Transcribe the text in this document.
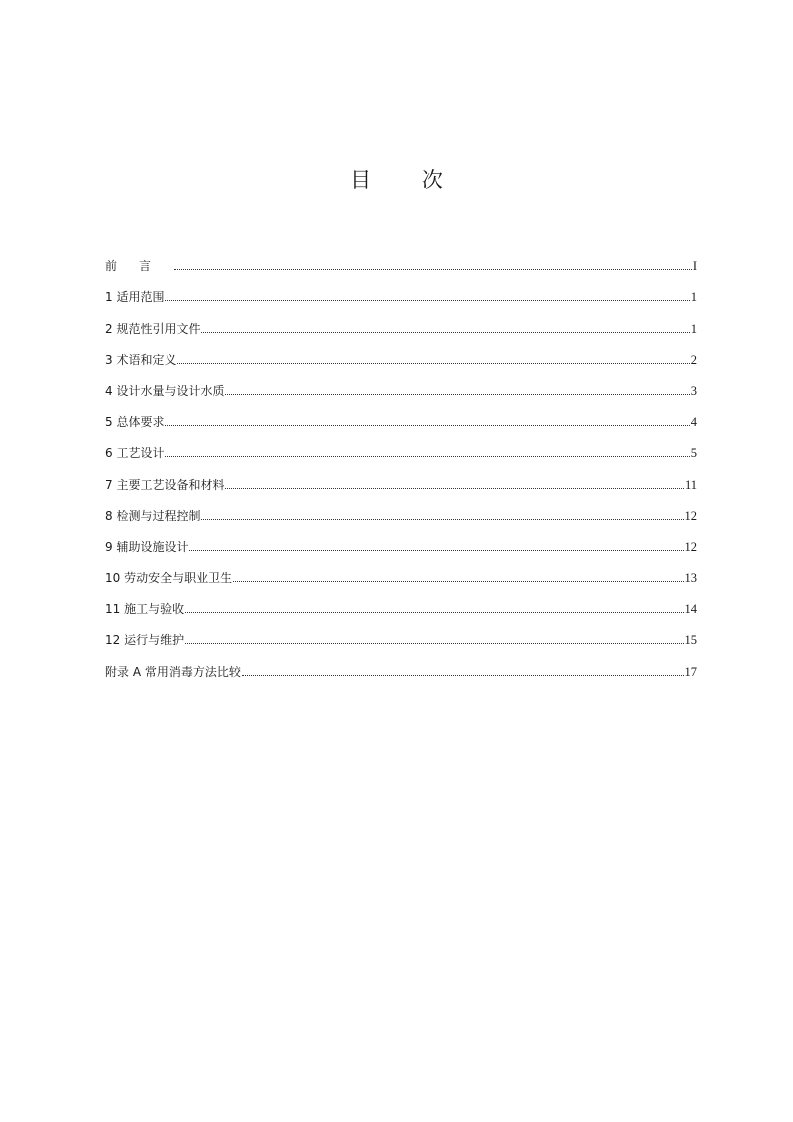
目 次
前言	I
1 适用范围	1
2 规范性引用文件	1
3 术语和定义	2
4 设计水量与设计水质	3
5 总体要求	4
6 工艺设计	5
7 主要工艺设备和材料	11
8 检测与过程控制	12
9 辅助设施设计	12
10 劳动安全与职业卫生	13
11 施工与验收	14
12 运行与维护	15
附录 A 常用消毒方法比较	17
